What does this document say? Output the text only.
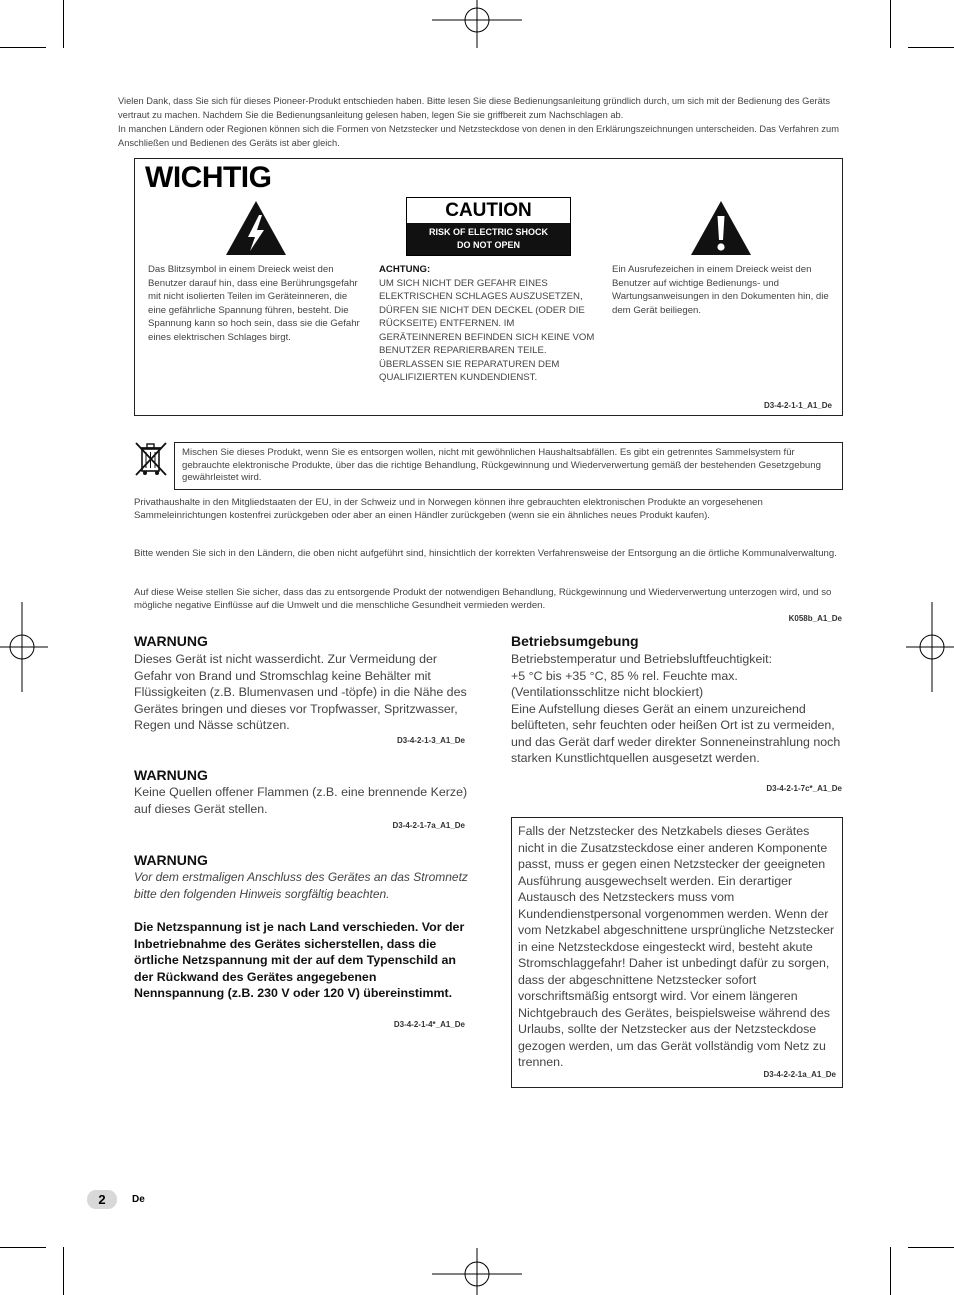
Vielen Dank, dass Sie sich für dieses Pioneer-Produkt entschieden haben. Bitte lesen Sie diese Bedienungsanleitung gründlich durch, um sich mit der Bedienung des Geräts vertraut zu machen. Nachdem Sie die Bedienungsanleitung gelesen haben, legen Sie sie griffbereit zum Nachschlagen ab.

In manchen Ländern oder Regionen können sich die Formen von Netzstecker und Netzsteckdose von denen in den Erklärungszeichnungen unterscheiden. Das Verfahren zum Anschließen und Bedienen des Geräts ist aber gleich.

WICHTIG
CAUTION
RISK OF ELECTRIC SHOCK
DO NOT OPEN
Das Blitzsymbol in einem Dreieck weist den Benutzer darauf hin, dass eine Berührungsgefahr mit nicht isolierten Teilen im Geräteinneren, die eine gefährliche Spannung führen, besteht. Die Spannung kann so hoch sein, dass sie die Gefahr eines elektrischen Schlages birgt.
ACHTUNG:
UM SICH NICHT DER GEFAHR EINES ELEKTRISCHEN SCHLAGES AUSZUSETZEN, DÜRFEN SIE NICHT DEN DECKEL (ODER DIE RÜCKSEITE) ENTFERNEN. IM GERÄTEINNEREN BEFINDEN SICH KEINE VOM BENUTZER REPARIERBAREN TEILE. ÜBERLASSEN SIE REPARATUREN DEM QUALIFIZIERTEN KUNDENDIENST.
Ein Ausrufezeichen in einem Dreieck weist den Benutzer auf wichtige Bedienungs- und Wartungsanweisungen in den Dokumenten hin, die dem Gerät beiliegen.
D3-4-2-1-1_A1_De
Mischen Sie dieses Produkt, wenn Sie es entsorgen wollen, nicht mit gewöhnlichen Haushaltsabfällen. Es gibt ein getrenntes Sammelsystem für gebrauchte elektronische Produkte, über das die richtige Behandlung, Rückgewinnung und Wiederverwertung gemäß der bestehenden Gesetzgebung gewährleistet wird.
Privathaushalte in den Mitgliedstaaten der EU, in der Schweiz und in Norwegen können ihre gebrauchten elektronischen Produkte an vorgesehenen Sammeleinrichtungen kostenfrei zurückgeben oder aber an einen Händler zurückgeben (wenn sie ein ähnliches neues Produkt kaufen).
Bitte wenden Sie sich in den Ländern, die oben nicht aufgeführt sind, hinsichtlich der korrekten Verfahrensweise der Entsorgung an die örtliche Kommunalverwaltung.
Auf diese Weise stellen Sie sicher, dass das zu entsorgende Produkt der notwendigen Behandlung, Rückgewinnung und Wiederverwertung unterzogen wird, und so mögliche negative Einflüsse auf die Umwelt und die menschliche Gesundheit vermieden werden.
K058b_A1_De
WARNUNG
Dieses Gerät ist nicht wasserdicht. Zur Vermeidung der Gefahr von Brand und Stromschlag keine Behälter mit Flüssigkeiten (z.B. Blumenvasen und -töpfe) in die Nähe des Gerätes bringen und dieses vor Tropfwasser, Spritzwasser, Regen und Nässe schützen.
D3-4-2-1-3_A1_De
WARNUNG
Keine Quellen offener Flammen (z.B. eine brennende Kerze) auf dieses Gerät stellen.
D3-4-2-1-7a_A1_De
WARNUNG
Vor dem erstmaligen Anschluss des Gerätes an das Stromnetz bitte den folgenden Hinweis sorgfältig beachten.
Die Netzspannung ist je nach Land verschieden. Vor der Inbetriebnahme des Gerätes sicherstellen, dass die örtliche Netzspannung mit der auf dem Typenschild an der Rückwand des Gerätes angegebenen Nennspannung (z.B. 230 V oder 120 V) übereinstimmt.
D3-4-2-1-4*_A1_De
Betriebsumgebung
Betriebstemperatur und Betriebsluftfeuchtigkeit:
+5 °C bis +35 °C, 85 % rel. Feuchte max.
(Ventilationsschlitze nicht blockiert)
Eine Aufstellung dieses Gerät an einem unzureichend belüfteten, sehr feuchten oder heißen Ort ist zu vermeiden, und das Gerät darf weder direkter Sonneneinstrahlung noch starken Kunstlichtquellen ausgesetzt werden.
D3-4-2-1-7c*_A1_De
Falls der Netzstecker des Netzkabels dieses Gerätes nicht in die Zusatzsteckdose einer anderen Komponente passt, muss er gegen einen Netzstecker der geeigneten Ausführung ausgewechselt werden. Ein derartiger Austausch des Netzsteckers muss vom Kundendienstpersonal vorgenommen werden. Wenn der vom Netzkabel abgeschnittene ursprüngliche Netzstecker in eine Netzsteckdose eingesteckt wird, besteht akute Stromschlaggefahr! Daher ist unbedingt dafür zu sorgen, dass der abgeschnittene Netzstecker sofort vorschriftsmäßig entsorgt wird. Vor einem längeren Nichtgebrauch des Gerätes, beispielsweise während des Urlaubs, sollte der Netzstecker aus der Netzsteckdose gezogen werden, um das Gerät vollständig vom Netz zu trennen.
D3-4-2-2-1a_A1_De
2	De
